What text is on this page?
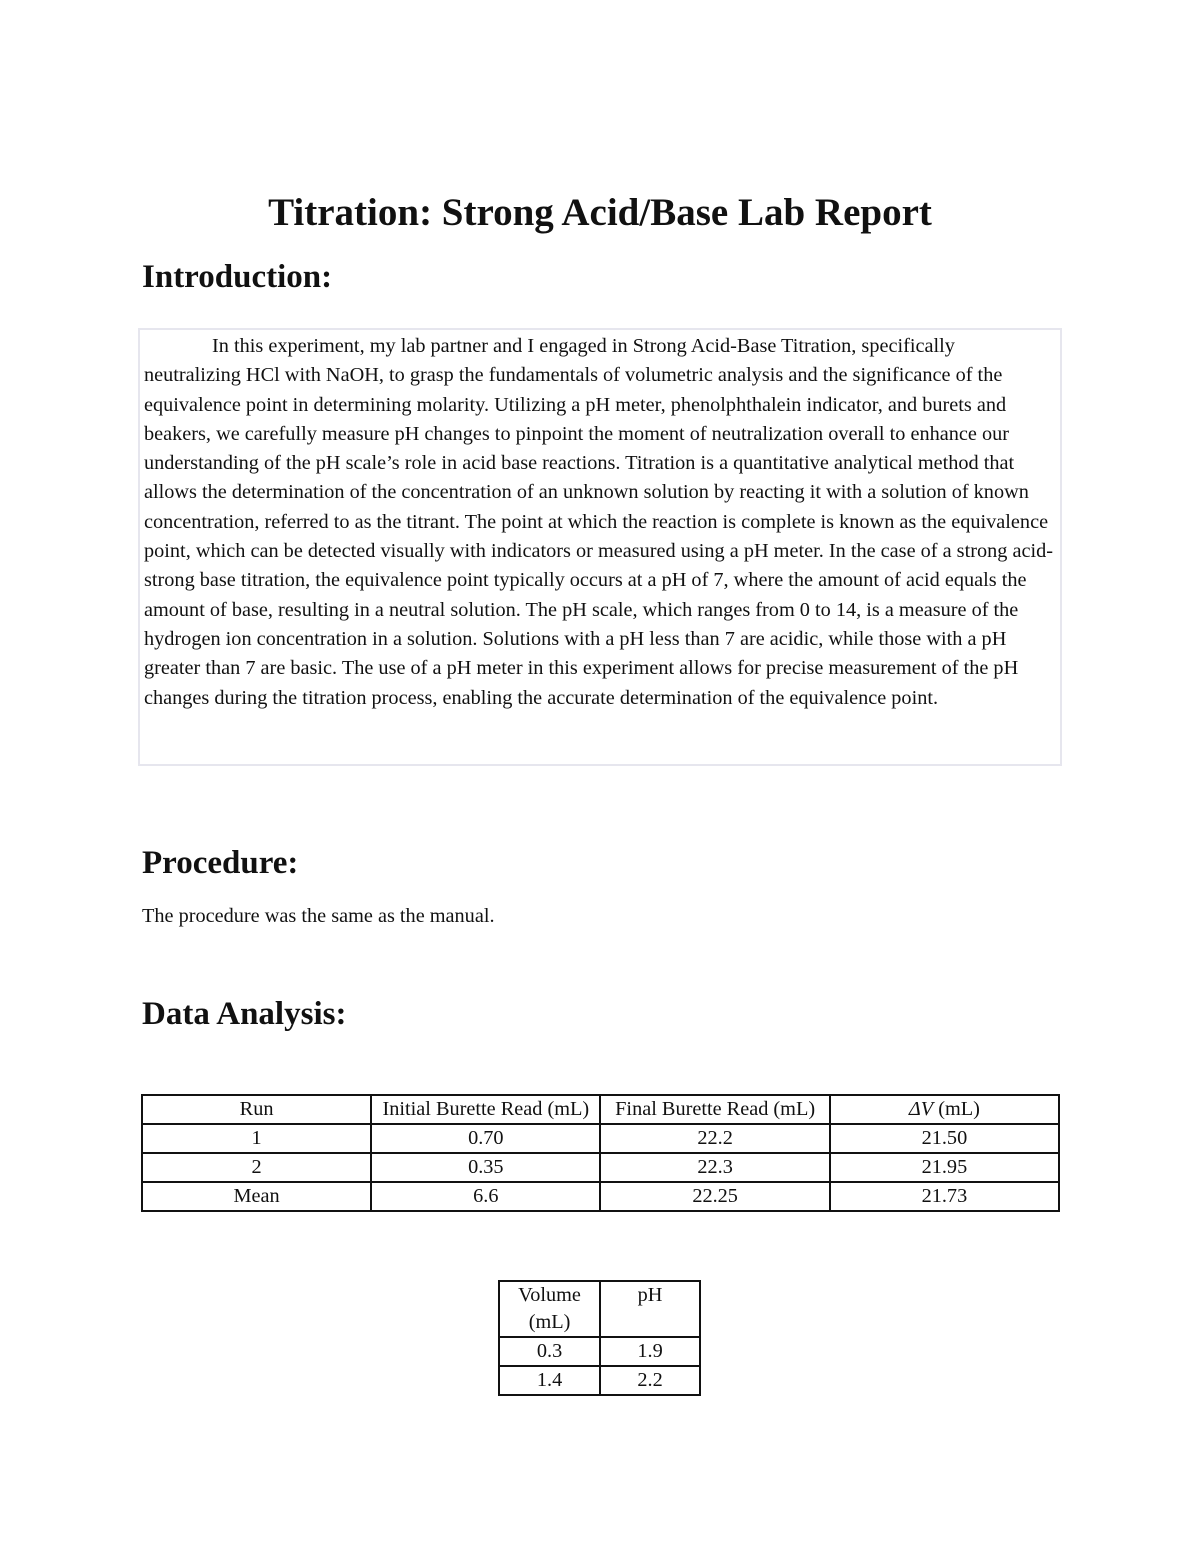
Titration: Strong Acid/Base Lab Report
Introduction:

In this experiment, my lab partner and I engaged in Strong Acid-Base Titration, specifically neutralizing HCl with NaOH, to grasp the fundamentals of volumetric analysis and the significance of the equivalence point in determining molarity. Utilizing a pH meter, phenolphthalein indicator, and burets and beakers, we carefully measure pH changes to pinpoint the moment of neutralization overall to enhance our understanding of the pH scale’s role in acid base reactions. Titration is a quantitative analytical method that allows the determination of the concentration of an unknown solution by reacting it with a solution of known concentration, referred to as the titrant. The point at which the reaction is complete is known as the equivalence point, which can be detected visually with indicators or measured using a pH meter. In the case of a strong acid-strong base titration, the equivalence point typically occurs at a pH of 7, where the amount of acid equals the amount of base, resulting in a neutral solution. The pH scale, which ranges from 0 to 14, is a measure of the hydrogen ion concentration in a solution. Solutions with a pH less than 7 are acidic, while those with a pH greater than 7 are basic. The use of a pH meter in this experiment allows for precise measurement of the pH changes during the titration process, enabling the accurate determination of the equivalence point.

Procedure:
The procedure was the same as the manual.
Data Analysis:
Run	Initial Burette Read (mL)	Final Burette Read (mL)	ΔV (mL)
1	0.70	22.2	21.50
2	0.35	22.3	21.95
Mean	6.6	22.25	21.73
Volume (mL)	pH
0.3	1.9
1.4	2.2
